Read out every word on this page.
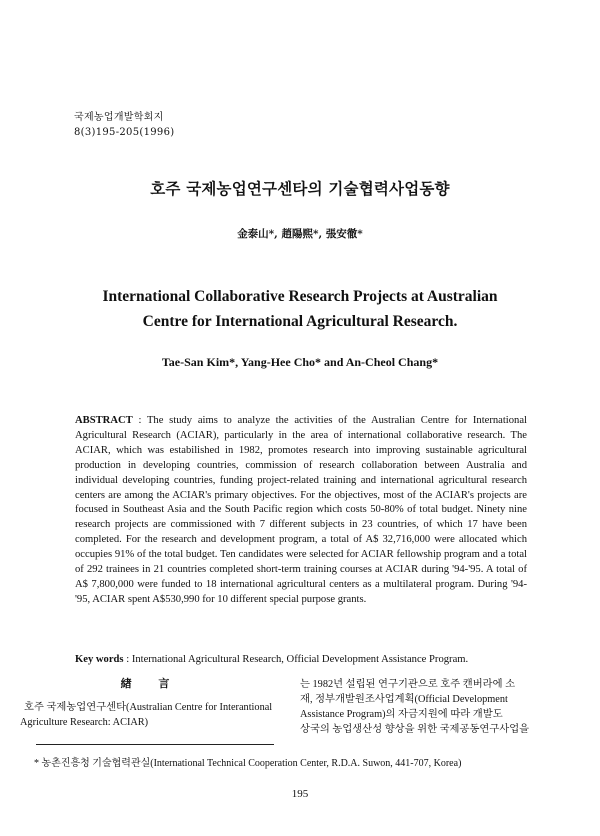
국제농업개발학회지
8(3)195-205(1996)
호주 국제농업연구센타의 기술협력사업동향
金泰山*, 趙陽熙*, 張安徹*
International Collaborative Research Projects at Australian
Centre for International Agricultural Research.
Tae-San Kim*, Yang-Hee Cho* and An-Cheol Chang*
ABSTRACT : The study aims to analyze the activities of the Australian Centre for International Agricultural Research (ACIAR), particularly in the area of international collaborative research. The ACIAR, which was estabilished in 1982, promotes research into improving sustainable agricultural production in developing countries, commission of research collaboration between Australia and individual developing countries, funding project-related training and international agricultural research centers are among the ACIAR's primary objectives. For the objectives, most of the ACIAR's projects are focused in Southeast Asia and the South Pacific region which costs 50-80% of total budget. Ninety nine research projects are commissioned with 7 different subjects in 23 countries, of which 17 have been completed. For the research and development program, a total of A$ 32,716,000 were allocated which occupies 91% of the total budget. Ten candidates were selected for ACIAR fellowship program and a total of 292 trainees in 21 countries completed short-term training courses at ACIAR during '94-'95. A total of A$ 7,800,000 were funded to 18 international agricultural centers as a multilateral program. During '94-'95, ACIAR spent A$530,990 for 10 different special purpose grants.
Key words : International Agricultural Research, Official Development Assistance Program.
緖 言
호주 국제농업연구센타(Australian Centre for Interantional Agriculture Research: ACIAR)
는 1982년 설립된 연구기관으로 호주 캔버라에 소
재, 정부개발원조사업계획(Official Development
Assistance Program)의 자금지원에 따라 개발도
상국의 농업생산성 향상을 위한 국제공동연구사업을
* 농촌진흥청 기술협력관실(International Technical Cooperation Center, R.D.A. Suwon, 441-707, Korea)
195
